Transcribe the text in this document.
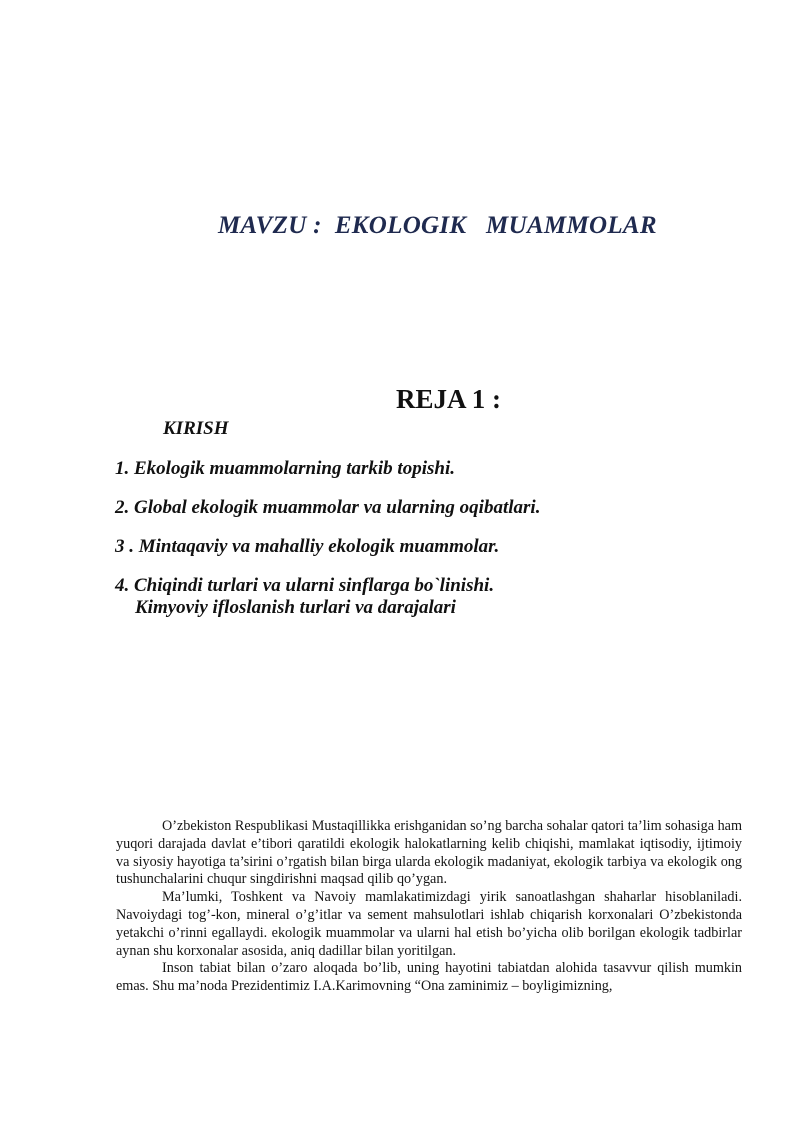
MAVZU :  EKOLOGIK   MUAMMOLAR
REJA 1 :
KIRISH
1. Ekologik muammolarning tarkib topishi.
2. Global ekologik muammolar va ularning oqibatlari.
3 . Mintaqaviy va mahalliy ekologik muammolar.
4. Chiqindi turlari va ularni sinflarga bo`linishi.
Kimyoviy ifloslanish turlari va darajalari

O’zbekiston Respublikasi Mustaqillikka erishganidan so’ng barcha sohalar qatori ta’lim sohasiga ham yuqori darajada davlat e’tibori qaratildi ekologik halokatlarning kelib chiqishi, mamlakat iqtisodiy, ijtimoiy va siyosiy hayotiga ta’sirini o’rgatish bilan birga ularda ekologik madaniyat, ekologik tarbiya va ekologik ong tushunchalarini chuqur singdirishni maqsad qilib qo’ygan.

Ma’lumki, Toshkent va Navoiy mamlakatimizdagi yirik sanoatlashgan shaharlar hisoblaniladi. Navoiydagi tog’-kon, mineral o’g’itlar va sement mahsulotlari ishlab chiqarish korxonalari O’zbekistonda yetakchi o’rinni egallaydi. ekologik muammolar va ularni hal etish bo’yicha olib borilgan ekologik tadbirlar aynan shu korxonalar asosida, aniq dadillar bilan yoritilgan.

Inson tabiat bilan o’zaro aloqada bo’lib, uning hayotini tabiatdan alohida tasavvur qilish mumkin emas. Shu ma’noda Prezidentimiz I.A.Karimovning “Ona zaminimiz – boyligimizning,
